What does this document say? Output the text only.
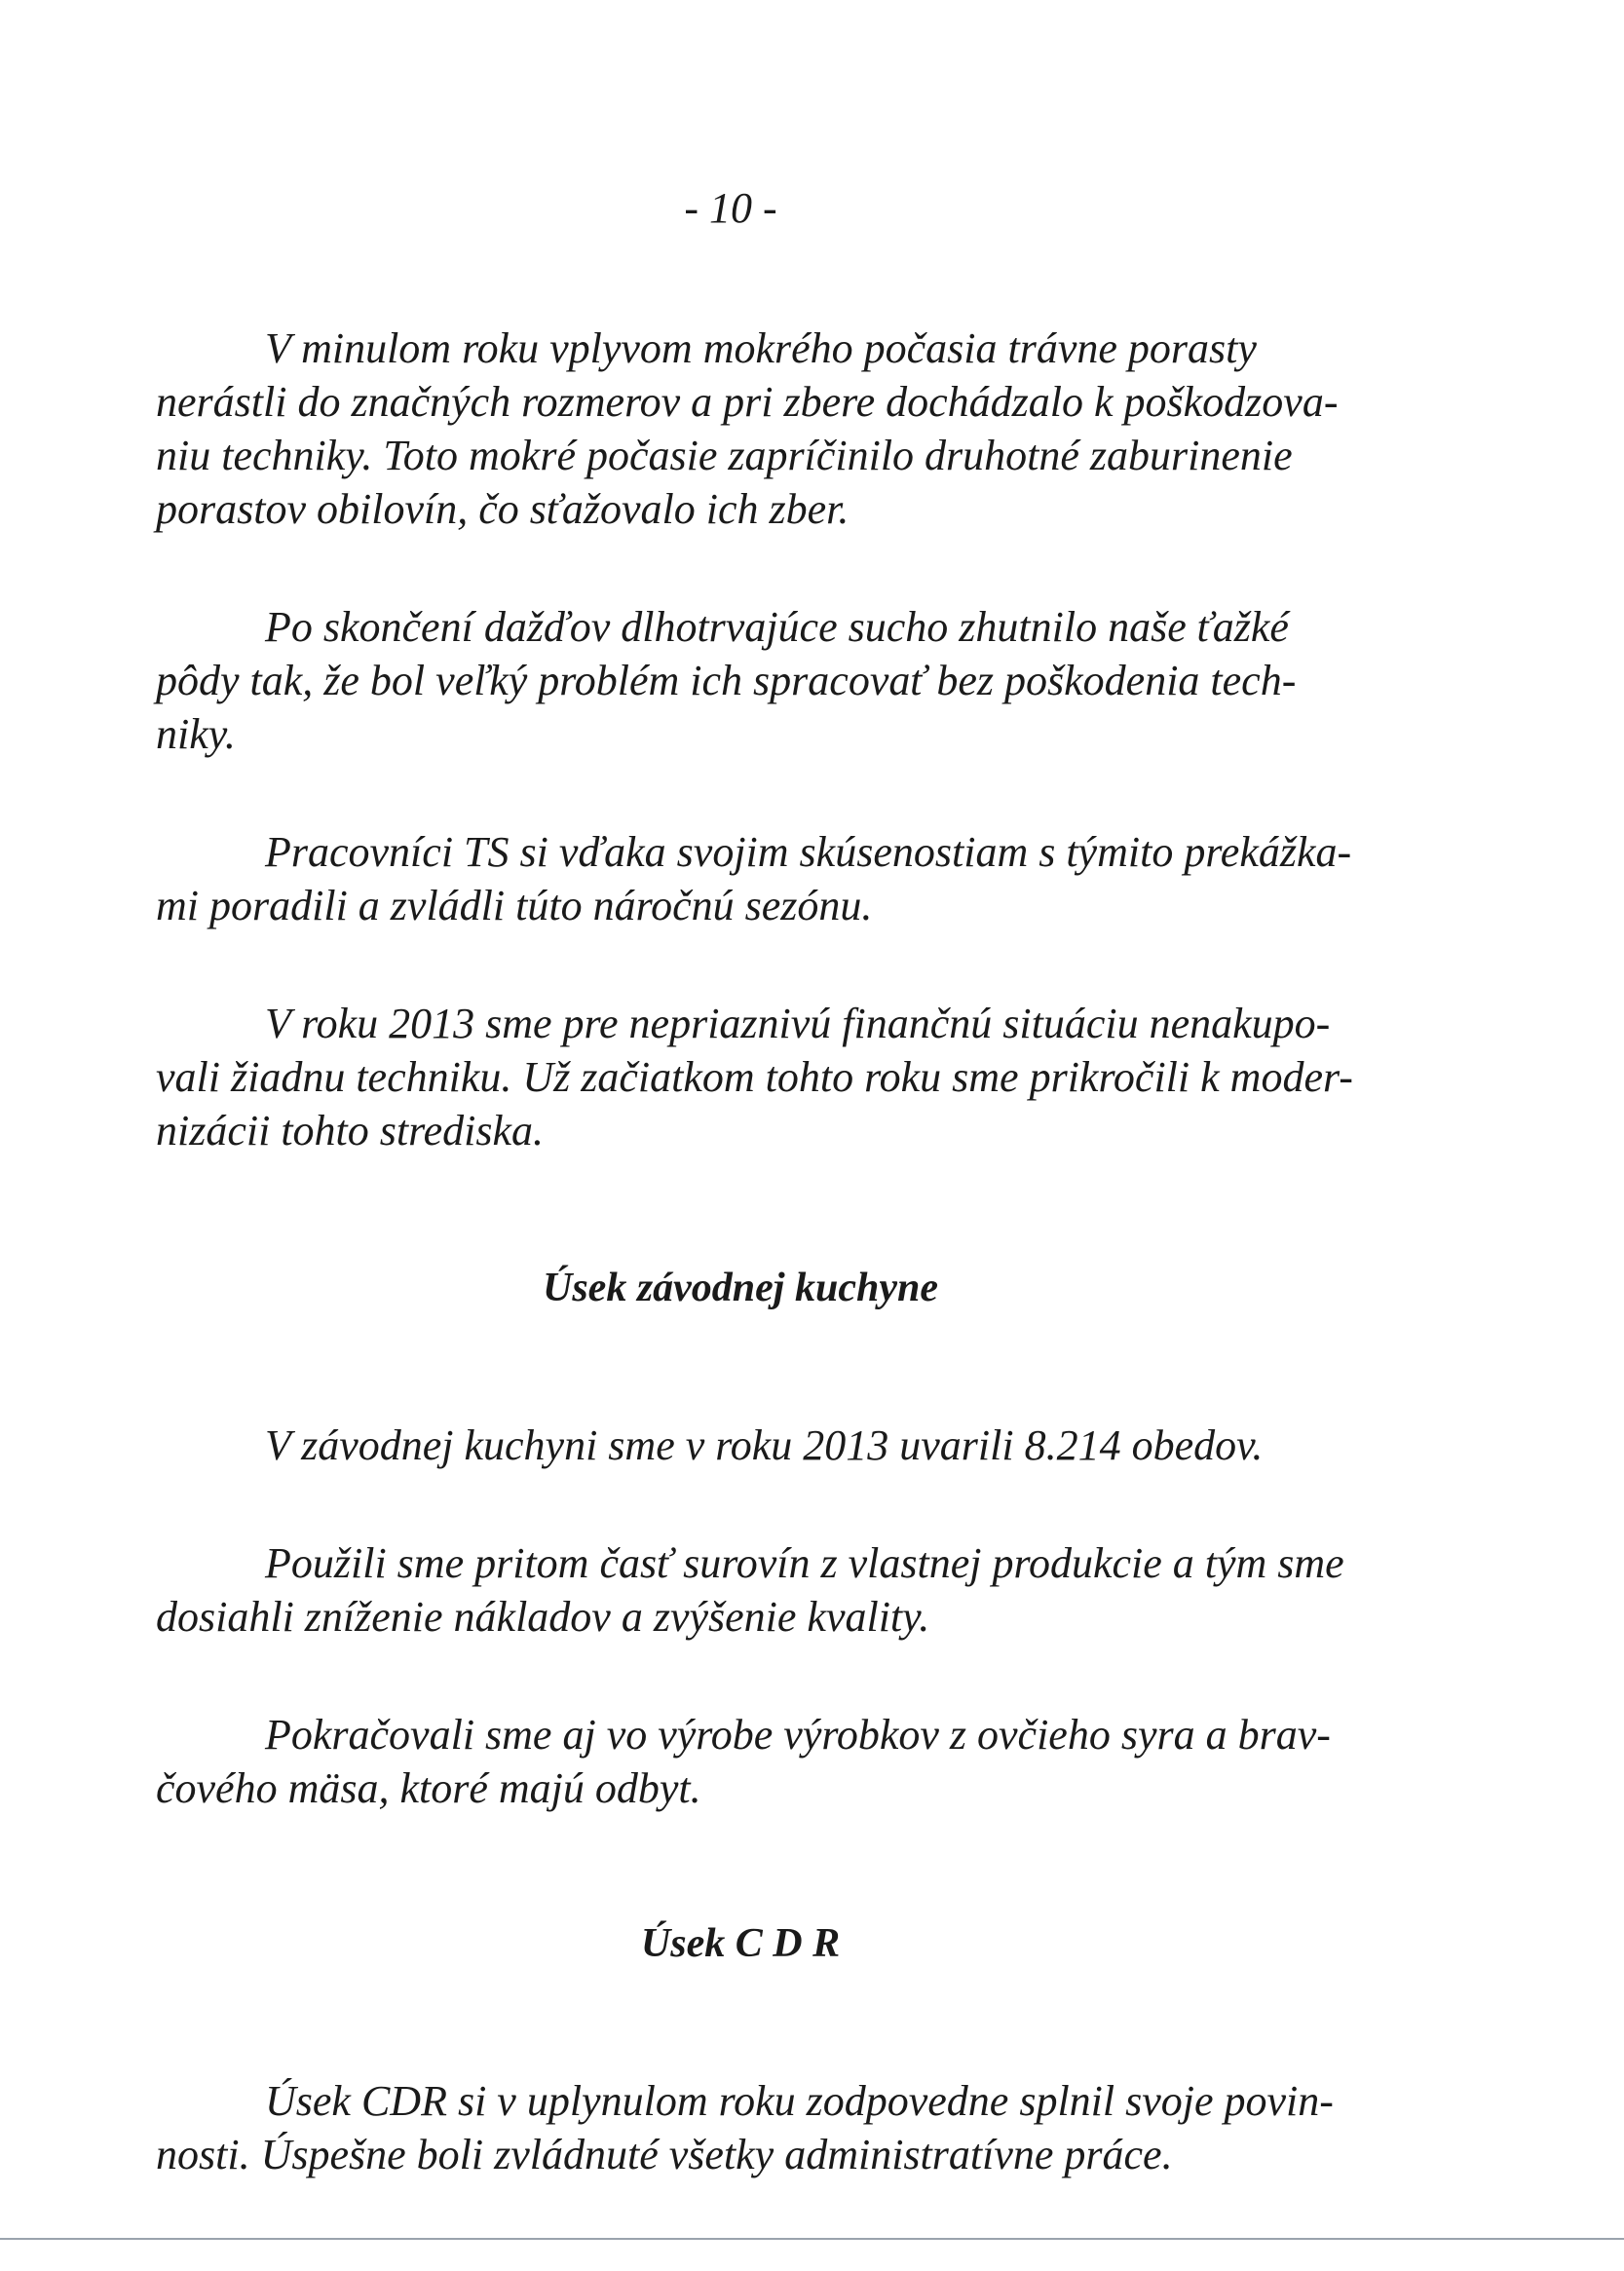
- 10 -

V minulom roku vplyvom mokrého počasia trávne porasty
nerástli do značných rozmerov a pri zbere dochádzalo k poškodzova-
niu techniky. Toto mokré počasie zapríčinilo druhotné zaburinenie
porastov obilovín, čo sťažovalo ich zber.

Po skončení dažďov dlhotrvajúce sucho zhutnilo naše ťažké
pôdy tak, že bol veľký problém ich spracovať bez poškodenia tech-
niky.

Pracovníci TS si vďaka svojim skúsenostiam s týmito prekážka-
mi poradili a zvládli túto náročnú sezónu.

V roku 2013 sme pre nepriaznivú finančnú situáciu nenakupo-
vali žiadnu techniku. Už začiatkom tohto roku sme prikročili k moder-
nizácii tohto strediska.

Úsek závodnej kuchyne

V závodnej kuchyni sme v roku 2013 uvarili 8.214 obedov.

Použili sme pritom časť surovín z vlastnej produkcie a tým sme
dosiahli zníženie nákladov a zvýšenie kvality.

Pokračovali sme aj vo výrobe výrobkov z ovčieho syra a brav-
čového mäsa, ktoré majú odbyt.

Úsek C D R

Úsek CDR si v uplynulom roku zodpovedne splnil svoje povin-
nosti. Úspešne boli zvládnuté všetky administratívne práce.
